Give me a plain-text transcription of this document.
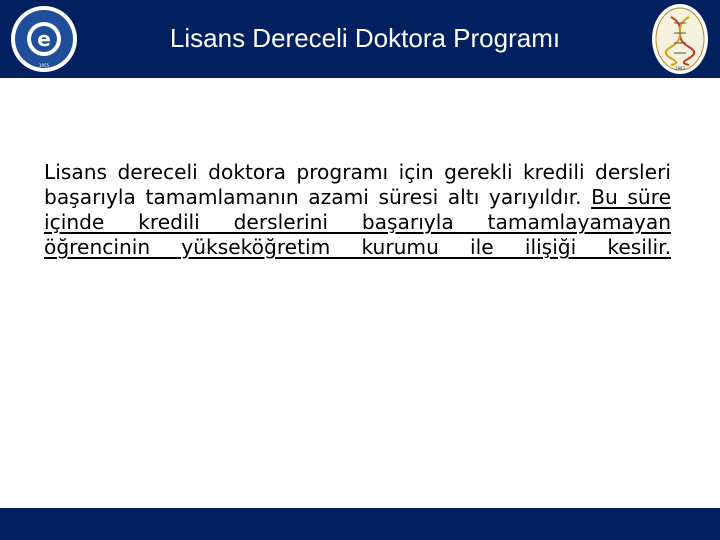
e
1955
Lisans Dereceli Doktora Programı
1983
Lisans dereceli doktora programı için gerekli kredili dersleri başarıyla tamamlamanın azami süresi altı yarıyıldır. Bu süre içinde kredili derslerini başarıyla tamamlayamayan öğrencinin yükseköğretim kurumu ile ilişiği kesilir.
